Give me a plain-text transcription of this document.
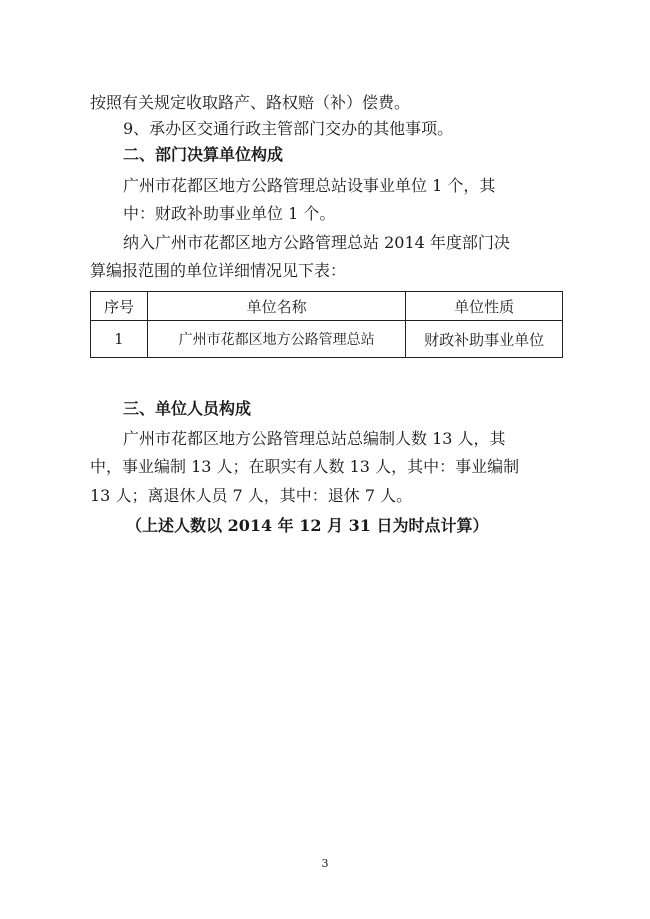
按照有关规定收取路产、路权赔（补）偿费。
9、承办区交通行政主管部门交办的其他事项。
二、部门决算单位构成
广州市花都区地方公路管理总站设事业单位 1 个，其
中：财政补助事业单位 1 个。
纳入广州市花都区地方公路管理总站 2014 年度部门决
算编报范围的单位详细情况见下表：
序号	单位名称	单位性质
1	广州市花都区地方公路管理总站	财政补助事业单位
三、单位人员构成
广州市花都区地方公路管理总站总编制人数 13 人，其
中，事业编制 13 人；在职实有人数 13 人，其中：事业编制
13 人；离退休人员 7 人，其中：退休 7 人。
（上述人数以 2014 年 12 月 31 日为时点计算）
3
